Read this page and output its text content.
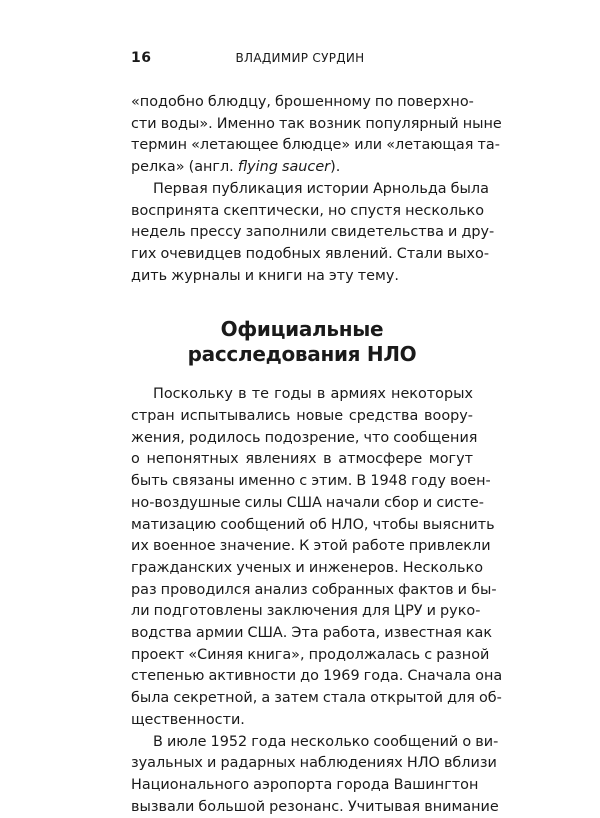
16	ВЛАДИМИР СУРДИН

«подобно блюдцу, брошенному по поверхно-
сти воды». Именно так возник популярный ныне
термин «летающее блюдце» или «летающая та-
релка» (англ. flying saucer).

Первая публикация истории Арнольда была
воспринята скептически, но спустя несколько
недель прессу заполнили свидетельства и дру-
гих очевидцев подобных явлений. Стали выхо-
дить журналы и книги на эту тему.

Официальные
расследования НЛО

Поскольку в те годы в армиях некоторых
стран испытывались новые средства воору-
жения, родилось подозрение, что сообщения
о непонятных явлениях в атмосфере могут
быть связаны именно с этим. В 1948 году воен-
но-воздушные силы США начали сбор и систе-
матизацию сообщений об НЛО, чтобы выяснить
их военное значение. К этой работе привлекли
гражданских ученых и инженеров. Несколько
раз проводился анализ собранных фактов и бы-
ли подготовлены заключения для ЦРУ и руко-
водства армии США. Эта работа, известная как
проект «Синяя книга», продолжалась с разной
степенью активности до 1969 года. Сначала она
была секретной, а затем стала открытой для об-
щественности.

В июле 1952 года несколько сообщений о ви-
зуальных и радарных наблюдениях НЛО вблизи
Национального аэропорта города Вашингтон
вызвали большой резонанс. Учитывая внимание
